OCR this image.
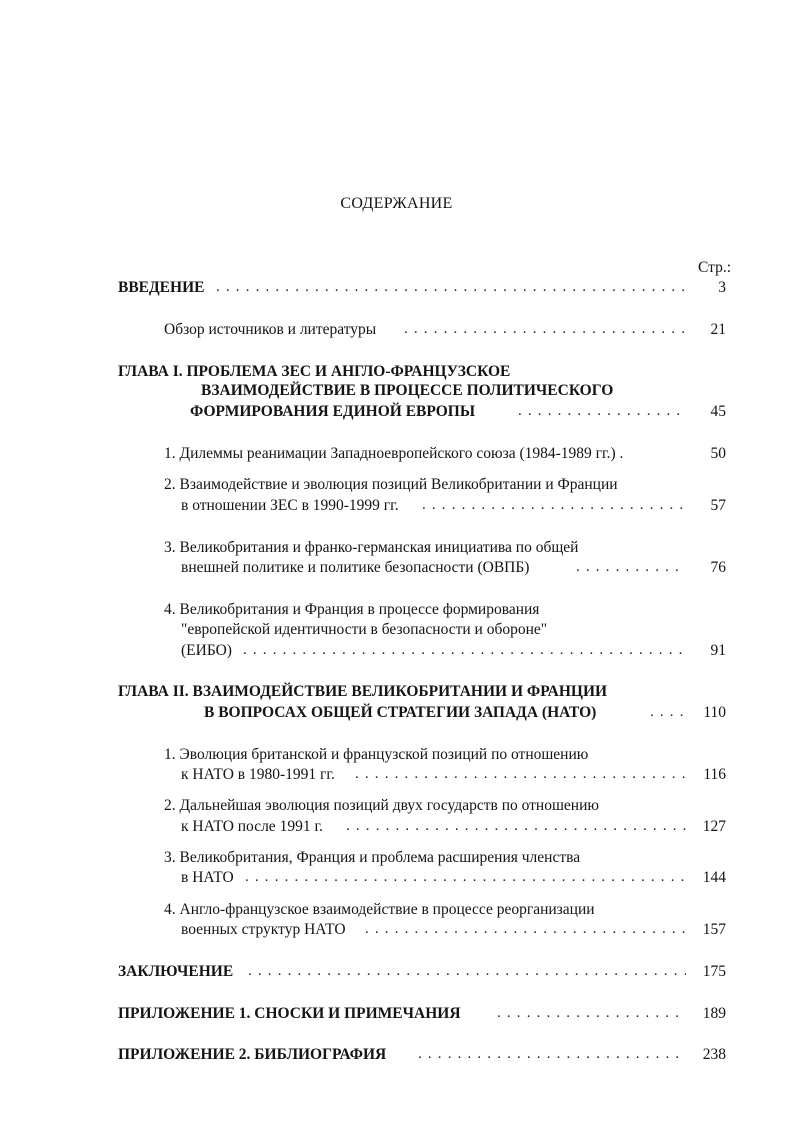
СОДЕРЖАНИЕ
Стр.:
ВВЕДЕНИЕ . . .	3
Обзор источников и литературы . . .	21
ГЛАВА I. ПРОБЛЕМА ЗЕС И АНГЛО-ФРАНЦУЗСКОЕ
ВЗАИМОДЕЙСТВИЕ В ПРОЦЕССЕ ПОЛИТИЧЕСКОГО
ФОРМИРОВАНИЯ ЕДИНОЙ ЕВРОПЫ . . .	45
1. Дилеммы реанимации Западноевропейского союза (1984-1989 гг.) .	50
2. Взаимодействие и эволюция позиций Великобритании и Франции
в отношении ЗЕС в 1990-1999 гг. . . .	57
3. Великобритания и франко-германская инициатива по общей
внешней политике и политике безопасности (ОВПБ) . . .	76
4. Великобритания и Франция в процессе формирования
"европейской идентичности в безопасности и обороне"
(ЕИБО) . . .	91
ГЛАВА II. ВЗАИМОДЕЙСТВИЕ ВЕЛИКОБРИТАНИИ И ФРАНЦИИ
В ВОПРОСАХ ОБЩЕЙ СТРАТЕГИИ ЗАПАДА (НАТО) . . .	110
1. Эволюция британской и французской позиций по отношению
к НАТО в 1980-1991 гг. . . .	116
2. Дальнейшая эволюция позиций двух государств по отношению
к НАТО после 1991 г. . . .	127
3. Великобритания, Франция и проблема расширения членства
в НАТО . . .	144
4. Англо-французское взаимодействие в процессе реорганизации
военных структур НАТО . . .	157
ЗАКЛЮЧЕНИЕ . . .	175
ПРИЛОЖЕНИЕ 1. СНОСКИ И ПРИМЕЧАНИЯ . . .	189
ПРИЛОЖЕНИЕ 2. БИБЛИОГРАФИЯ . . .	238
